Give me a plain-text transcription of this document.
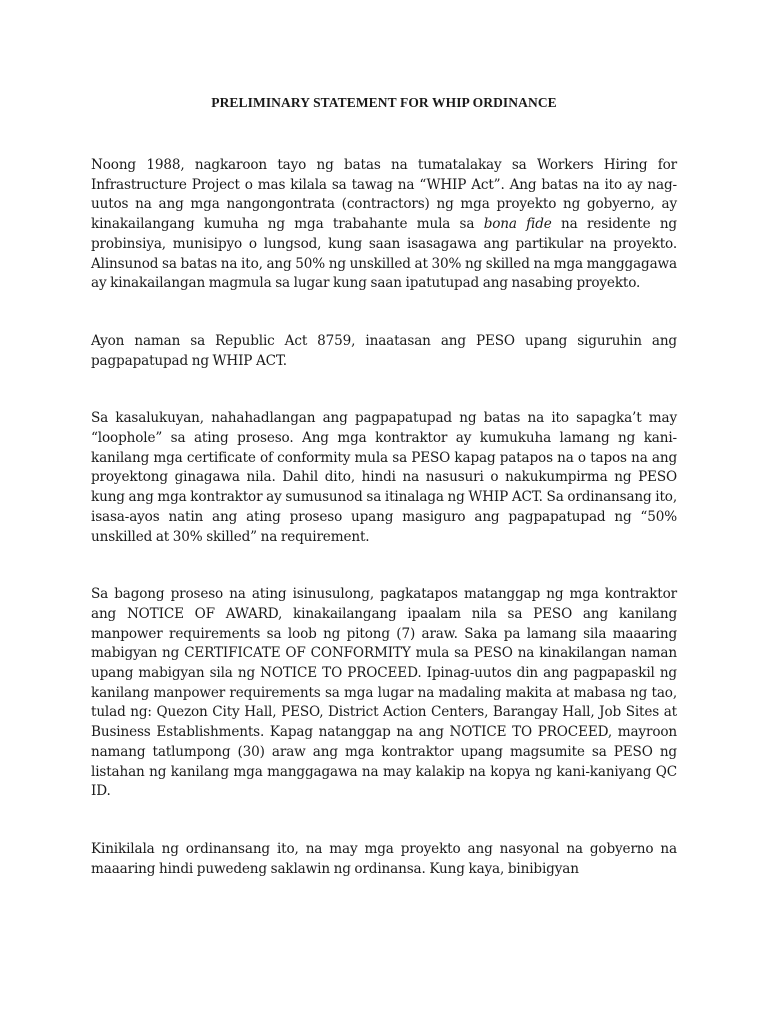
PRELIMINARY STATEMENT FOR WHIP ORDINANCE

Noong 1988, nagkaroon tayo ng batas na tumatalakay sa Workers Hiring for Infrastructure Project o mas kilala sa tawag na “WHIP Act”. Ang batas na ito ay nag-uutos na ang mga nangongontrata (contractors) ng mga proyekto ng gobyerno, ay kinakailangang kumuha ng mga trabahante mula sa bona fide na residente ng probinsiya, munisipyo o lungsod, kung saan isasagawa ang partikular na proyekto. Alinsunod sa batas na ito, ang 50% ng unskilled at 30% ng skilled na mga manggagawa ay kinakailangan magmula sa lugar kung saan ipatutupad ang nasabing proyekto.

Ayon naman sa Republic Act 8759, inaatasan ang PESO upang siguruhin ang pagpapatupad ng WHIP ACT.

Sa kasalukuyan, nahahadlangan ang pagpapatupad ng batas na ito sapagka’t may “loophole” sa ating proseso. Ang mga kontraktor ay kumukuha lamang ng kani-kanilang mga certificate of conformity mula sa PESO kapag patapos na o tapos na ang proyektong ginagawa nila. Dahil dito, hindi na nasusuri o nakukumpirma ng PESO kung ang mga kontraktor ay sumusunod sa itinalaga ng WHIP ACT. Sa ordinansang ito, isasa-ayos natin ang ating proseso upang masiguro ang pagpapatupad ng “50% unskilled at 30% skilled” na requirement.

Sa bagong proseso na ating isinusulong, pagkatapos matanggap ng mga kontraktor ang NOTICE OF AWARD, kinakailangang ipaalam nila sa PESO ang kanilang manpower requirements sa loob ng pitong (7) araw. Saka pa lamang sila maaaring mabigyan ng CERTIFICATE OF CONFORMITY mula sa PESO na kinakilangan naman upang mabigyan sila ng NOTICE TO PROCEED. Ipinag-uutos din ang pagpapaskil ng kanilang manpower requirements sa mga lugar na madaling makita at mabasa ng tao, tulad ng: Quezon City Hall, PESO, District Action Centers, Barangay Hall, Job Sites at Business Establishments. Kapag natanggap na ang NOTICE TO PROCEED, mayroon namang tatlumpong (30) araw ang mga kontraktor upang magsumite sa PESO ng listahan ng kanilang mga manggagawa na may kalakip na kopya ng kani-kaniyang QC ID.

Kinikilala ng ordinansang ito, na may mga proyekto ang nasyonal na gobyerno na maaaring hindi puwedeng saklawin ng ordinansa. Kung kaya, binibigyan
